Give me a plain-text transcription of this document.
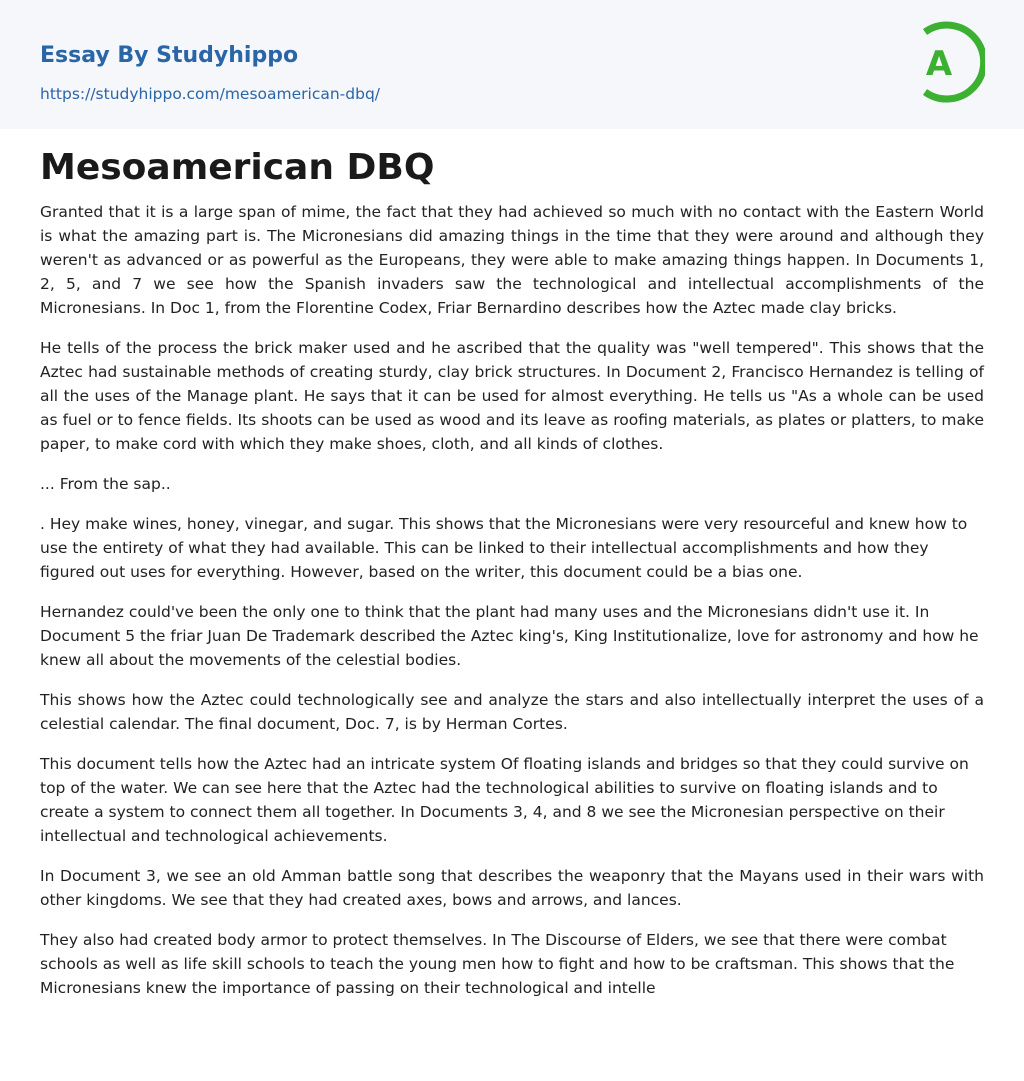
Essay By Studyhippo
https://studyhippo.com/mesoamerican-dbq/
A
Mesoamerican DBQ

Granted that it is a large span of mime, the fact that they had achieved so much with no contact with the Eastern World is what the amazing part is. The Micronesians did amazing things in the time that they were around and although they weren't as advanced or as powerful as the Europeans, they were able to make amazing things happen. In Documents 1, 2, 5, and 7 we see how the Spanish invaders saw the technological and intellectual accomplishments of the Micronesians. In Doc 1, from the Florentine Codex, Friar Bernardino describes how the Aztec made clay bricks.

He tells of the process the brick maker used and he ascribed that the quality was "well tempered". This shows that the Aztec had sustainable methods of creating sturdy, clay brick structures. In Document 2, Francisco Hernandez is telling of all the uses of the Manage plant. He says that it can be used for almost everything. He tells us "As a whole can be used as fuel or to fence fields. Its shoots can be used as wood and its leave as roofing materials, as plates or platters, to make paper, to make cord with which they make shoes, cloth, and all kinds of clothes.

... From the sap..

. Hey make wines, honey, vinegar, and sugar. This shows that the Micronesians were very resourceful and knew how to use the entirety of what they had available. This can be linked to their intellectual accomplishments and how they figured out uses for everything. However, based on the writer, this document could be a bias one.

Hernandez could've been the only one to think that the plant had many uses and the Micronesians didn't use it. In Document 5 the friar Juan De Trademark described the Aztec king's, King Institutionalize, love for astronomy and how he knew all about the movements of the celestial bodies.

This shows how the Aztec could technologically see and analyze the stars and also intellectually interpret the uses of a celestial calendar. The final document, Doc. 7, is by Herman Cortes.

This document tells how the Aztec had an intricate system Of floating islands and bridges so that they could survive on top of the water. We can see here that the Aztec had the technological abilities to survive on floating islands and to create a system to connect them all together. In Documents 3, 4, and 8 we see the Micronesian perspective on their intellectual and technological achievements.

In Document 3, we see an old Amman battle song that describes the weaponry that the Mayans used in their wars with other kingdoms. We see that they had created axes, bows and arrows, and lances.

They also had created body armor to protect themselves. In The Discourse of Elders, we see that there were combat schools as well as life skill schools to teach the young men how to fight and how to be craftsman. This shows that the Micronesians knew the importance of passing on their technological and intelle
